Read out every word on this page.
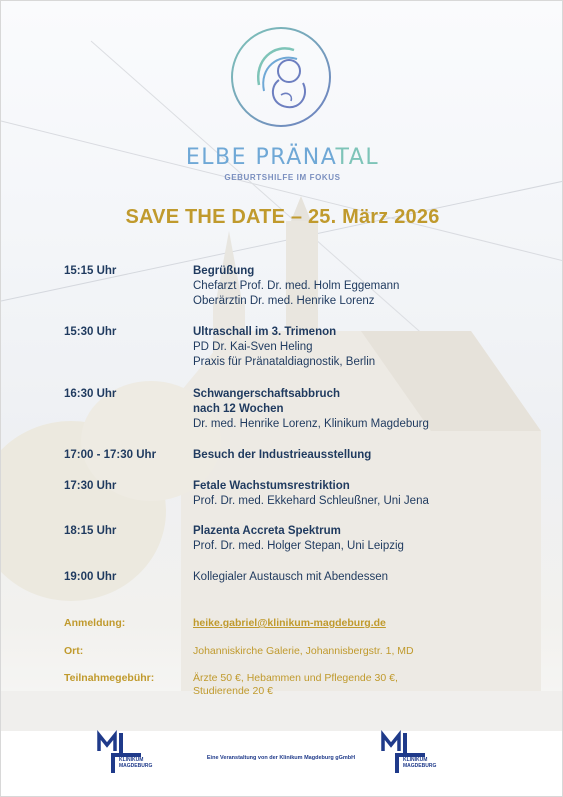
ELBE PRÄNATAL
GEBURTSHILFE IM FOKUS
SAVE THE DATE – 25. März 2026
15:15 Uhr	Begrüßung
Chefarzt Prof. Dr. med. Holm Eggemann
Oberärztin Dr. med. Henrike Lorenz
15:30 Uhr	Ultraschall im 3. Trimenon
PD Dr. Kai-Sven Heling
Praxis für Pränataldiagnostik, Berlin
16:30 Uhr	Schwangerschaftsabbruch
nach 12 Wochen
Dr. med. Henrike Lorenz, Klinikum Magdeburg
17:00 - 17:30 Uhr	Besuch der Industrieausstellung
17:30 Uhr	Fetale Wachstumsrestriktion
Prof. Dr. med. Ekkehard Schleußner, Uni Jena
18:15 Uhr	Plazenta Accreta Spektrum
Prof. Dr. med. Holger Stepan, Uni Leipzig
19:00 Uhr	Kollegialer Austausch mit Abendessen
Anmeldung:	heike.gabriel@klinikum-magdeburg.de
Ort:	Johanniskirche Galerie, Johannisbergstr. 1, MD
Teilnahmegebühr:	Ärzte 50 €, Hebammen und Pflegende 30 €,
Studierende 20 €
KLINIKUM
MAGDEBURG
Eine Veranstaltung von der Klinikum Magdeburg gGmbH	KLINIKUM
MAGDEBURG
